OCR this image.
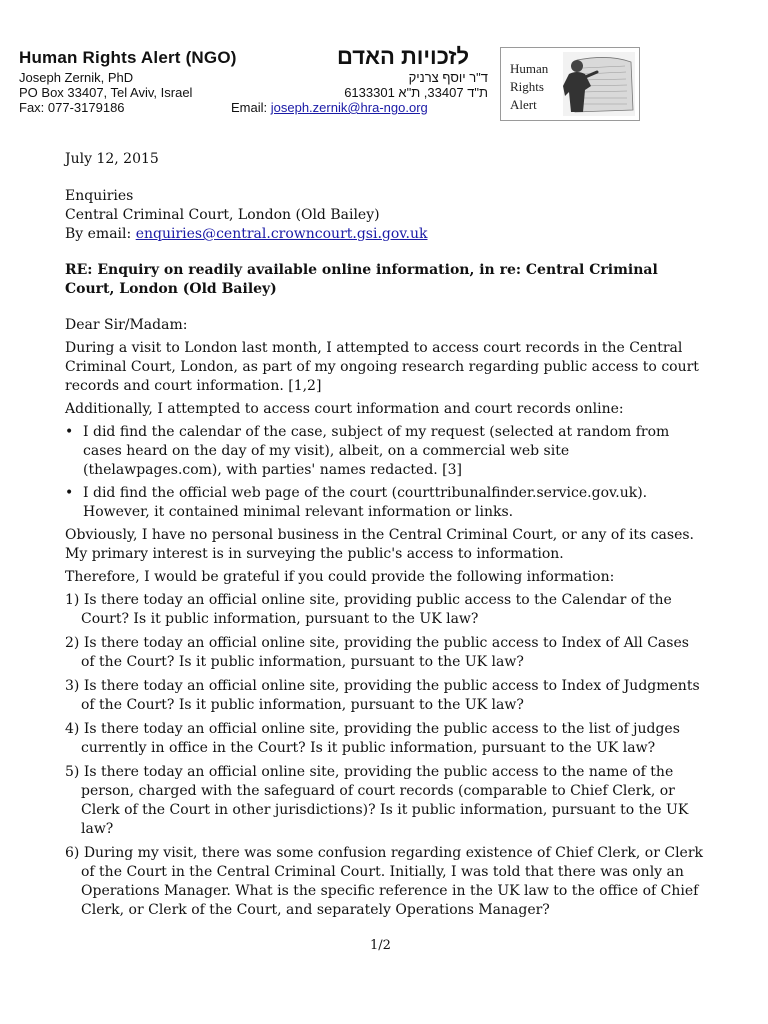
Human Rights Alert (NGO)	לזכויות האדם
Joseph Zernik, PhD
PO Box 33407, Tel Aviv, Israel
Fax: 077-3179186
ד"ר יוסף צרניק
ת"ד 33407, ת"א 6133301
Email: joseph.zernik@hra-ngo.org
Human
Rights
Alert

July 12, 2015

Enquiries

Central Criminal Court, London (Old Bailey)

By email: enquiries@central.crowncourt.gsi.gov.uk

RE: Enquiry on readily available online information, in re: Central Criminal Court, London (Old Bailey)

Dear Sir/Madam:

During a visit to London last month, I attempted to access court records in the Central Criminal Court, London, as part of my ongoing research regarding public access to court records and court information. [1,2]

Additionally, I attempted to access court information and court records online:

• I did find the calendar of the case, subject of my request (selected at random from cases heard on the day of my visit), albeit, on a commercial web site (thelawpages.com), with parties' names redacted. [3]
• I did find the official web page of the court (courttribunalfinder.service.gov.uk). However, it contained minimal relevant information or links.

Obviously, I have no personal business in the Central Criminal Court, or any of its cases. My primary interest is in surveying the public's access to information.

Therefore, I would be grateful if you could provide the following information:

1) Is there today an official online site, providing public access to the Calendar of the Court? Is it public information, pursuant to the UK law?
2) Is there today an official online site, providing the public access to Index of All Cases of the Court? Is it public information, pursuant to the UK law?
3) Is there today an official online site, providing the public access to Index of Judgments of the Court? Is it public information, pursuant to the UK law?
4) Is there today an official online site, providing the public access to the list of judges currently in office in the Court? Is it public information, pursuant to the UK law?
5) Is there today an official online site, providing the public access to the name of the person, charged with the safeguard of court records (comparable to Chief Clerk, or Clerk of the Court in other jurisdictions)? Is it public information, pursuant to the UK law?
6) During my visit, there was some confusion regarding existence of Chief Clerk, or Clerk of the Court in the Central Criminal Court. Initially, I was told that there was only an Operations Manager. What is the specific reference in the UK law to the office of Chief Clerk, or Clerk of the Court, and separately Operations Manager?
1/2
